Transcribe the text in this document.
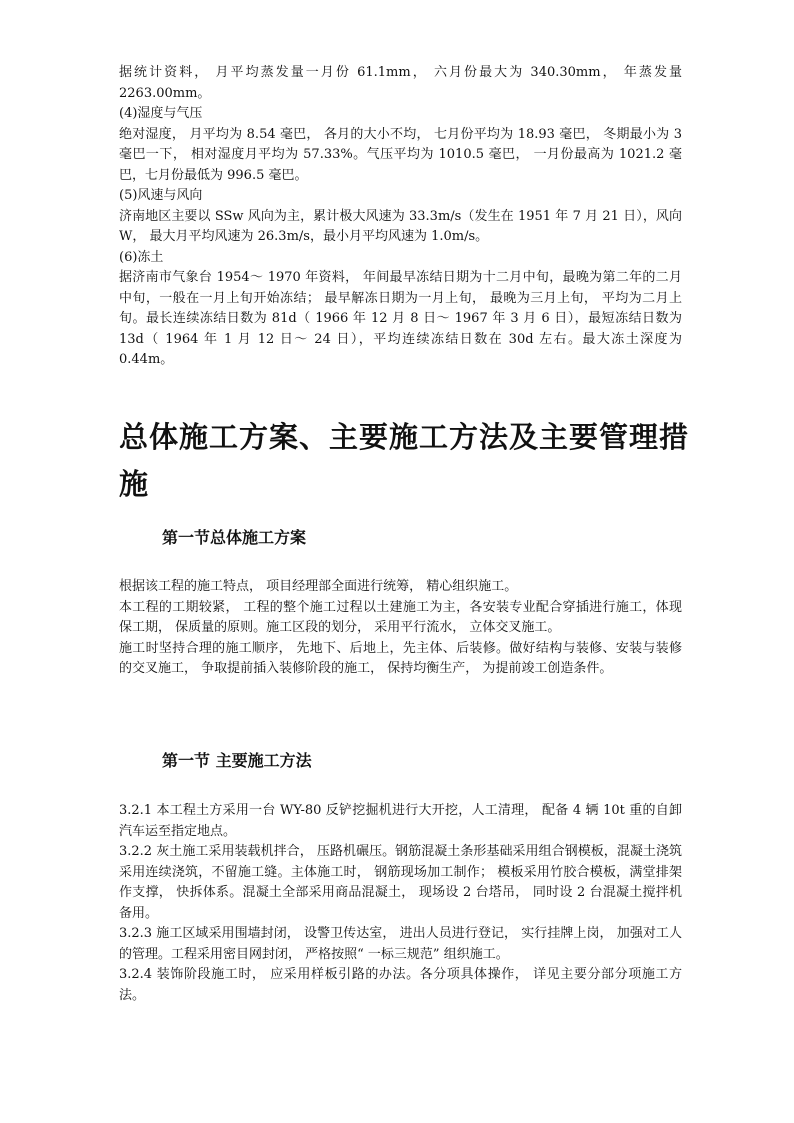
据统计资料， 月平均蒸发量一月份 61.1mm， 六月份最大为 340.30mm， 年蒸发量 2263.00mm。

(4)湿度与气压

绝对湿度， 月平均为 8.54 毫巴， 各月的大小不均， 七月份平均为 18.93 毫巴， 冬期最小为 3 毫巴一下， 相对湿度月平均为 57.33%。气压平均为 1010.5 毫巴， 一月份最高为 1021.2 毫巴，七月份最低为 996.5 毫巴。

(5)风速与风向

济南地区主要以 SSw 风向为主，累计极大风速为 33.3m/s（发生在 1951 年 7 月 21 日），风向 W， 最大月平均风速为 26.3m/s，最小月平均风速为 1.0m/s。

(6)冻土

据济南市气象台 1954～ 1970 年资料， 年间最早冻结日期为十二月中旬，最晚为第二年的二月中旬，一般在一月上旬开始冻结； 最早解冻日期为一月上旬， 最晚为三月上旬， 平均为二月上旬。最长连续冻结日数为 81d（ 1966 年 12 月 8 日～ 1967 年 3 月 6 日），最短冻结日数为 13d（ 1964 年 1 月 12 日～ 24 日），平均连续冻结日数在 30d 左右。最大冻土深度为 0.44m。

总体施工方案、主要施工方法及主要管理措施
第一节总体施工方案

根据该工程的施工特点， 项目经理部全面进行统筹， 精心组织施工。

本工程的工期较紧， 工程的整个施工过程以土建施工为主，各安装专业配合穿插进行施工，体现保工期， 保质量的原则。施工区段的划分， 采用平行流水， 立体交叉施工。

施工时坚持合理的施工顺序， 先地下、后地上，先主体、后装修。做好结构与装修、安装与装修的交叉施工， 争取提前插入装修阶段的施工， 保持均衡生产， 为提前竣工创造条件。

第一节 主要施工方法

3.2.1 本工程土方采用一台 WY-80 反铲挖掘机进行大开挖，人工清理， 配备 4 辆 10t 重的自卸汽车运至指定地点。

3.2.2 灰土施工采用装载机拌合， 压路机碾压。钢筋混凝土条形基础采用组合钢模板，混凝土浇筑采用连续浇筑，不留施工缝。主体施工时， 钢筋现场加工制作； 模板采用竹胶合模板，满堂排架作支撑， 快拆体系。混凝土全部采用商品混凝土， 现场设 2 台塔吊， 同时设 2 台混凝土搅拌机备用。

3.2.3 施工区域采用围墙封闭， 设警卫传达室， 进出人员进行登记， 实行挂牌上岗， 加强对工人的管理。工程采用密目网封闭， 严格按照“ 一标三规范” 组织施工。

3.2.4 装饰阶段施工时， 应采用样板引路的办法。各分项具体操作， 详见主要分部分项施工方法。
